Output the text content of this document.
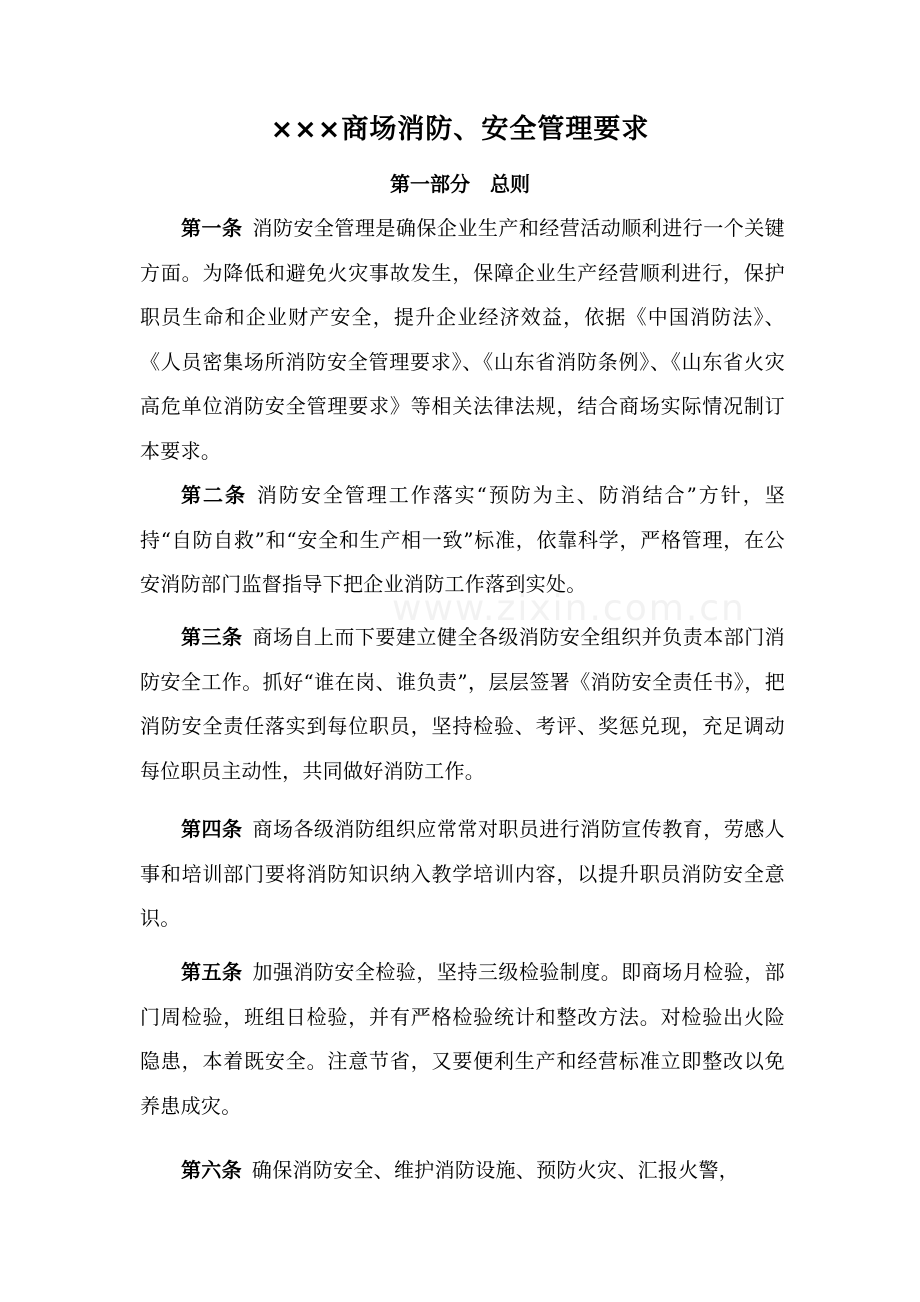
www.zixin.com.cn
×××商场消防、安全管理要求
第一部分　总则
第一条 消防安全管理是确保企业生产和经营活动顺利进行一个关键方面。为降低和避免火灾事故发生，保障企业生产经营顺利进行，保护职员生命和企业财产安全，提升企业经济效益，依据《中国消防法》、《人员密集场所消防安全管理要求》、《山东省消防条例》、《山东省火灾高危单位消防安全管理要求》等相关法律法规，结合商场实际情况制订本要求。
第二条 消防安全管理工作落实“预防为主、防消结合”方针，坚持“自防自救”和“安全和生产相一致”标准，依靠科学，严格管理，在公安消防部门监督指导下把企业消防工作落到实处。
第三条 商场自上而下要建立健全各级消防安全组织并负责本部门消防安全工作。抓好“谁在岗、谁负责”，层层签署《消防安全责任书》，把消防安全责任落实到每位职员，坚持检验、考评、奖惩兑现，充足调动每位职员主动性，共同做好消防工作。
第四条 商场各级消防组织应常常对职员进行消防宣传教育，劳感人事和培训部门要将消防知识纳入教学培训内容，以提升职员消防安全意识。
第五条 加强消防安全检验，坚持三级检验制度。即商场月检验，部门周检验，班组日检验，并有严格检验统计和整改方法。对检验出火险隐患，本着既安全。注意节省，又要便利生产和经营标准立即整改以免养患成灾。
第六条 确保消防安全、维护消防设施、预防火灾、汇报火警，
